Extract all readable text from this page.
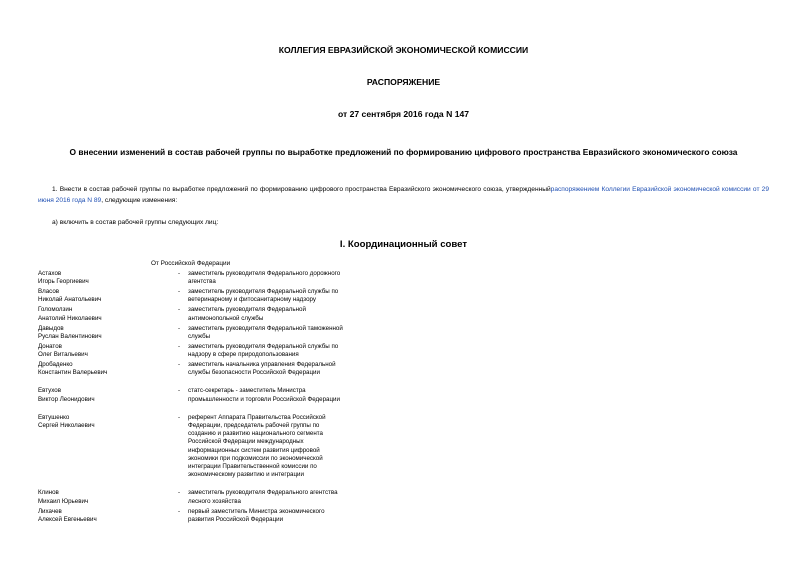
КОЛЛЕГИЯ ЕВРАЗИЙСКОЙ ЭКОНОМИЧЕСКОЙ КОМИССИИ
РАСПОРЯЖЕНИЕ
от 27 сентября 2016 года N 147
О внесении изменений в состав рабочей группы по выработке предложений по формированию цифрового пространства Евразийского экономического союза
1. Внести в состав рабочей группы по выработке предложений по формированию цифрового пространства Евразийского экономического союза, утвержденныйраспоряжением Коллегии Евразийской экономической комиссии от 29 июня 2016 года N 89, следующие изменения:
а) включить в состав рабочей группы следующих лиц:
I. Координационный совет
От Российской Федерации
Астахов
Игорь Георгиевич
-	заместитель руководителя Федерального дорожного агентства
Власов
Николай Анатольевич
-	заместитель руководителя Федеральной службы по ветеринарному и фитосанитарному надзору
Голомолзин
Анатолий Николаевич
-	заместитель руководителя Федеральной антимонопольной службы
Давыдов
Руслан Валентинович
-	заместитель руководителя Федеральной таможенной службы
Донатов
Олег Витальевич
-	заместитель руководителя Федеральной службы по надзору в сфере природопользования
Дробаденко
Константин Валерьевич
-	заместитель начальника управления Федеральной службы безопасности Российской Федерации
Евтухов
Виктор Леонидович
-	статс-секретарь - заместитель Министра промышленности и торговли Российской Федерации
Евтушенко
Сергей Николаевич
-	референт Аппарата Правительства Российской Федерации, председатель рабочей группы по созданию и развитию национального сегмента Российской Федерации международных информационных систем развития цифровой экономики при подкомиссии по экономической интеграции Правительственной комиссии по экономическому развитию и интеграции
Клинов
Михаил Юрьевич
-	заместитель руководителя Федерального агентства лесного хозяйства
Лихачев
Алексей Евгеньевич
-	первый заместитель Министра экономического развития Российской Федерации
